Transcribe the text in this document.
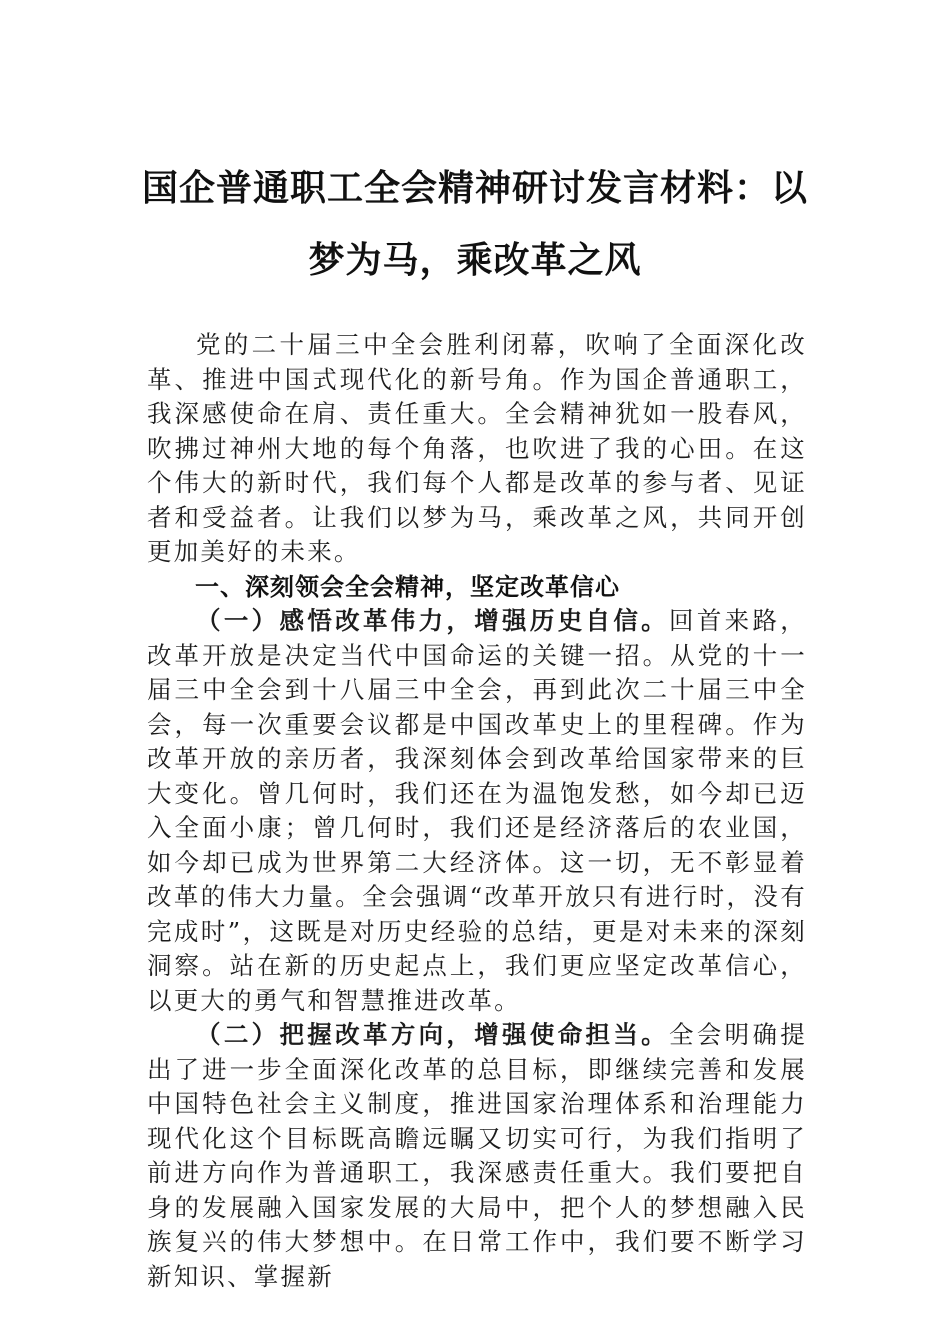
国企普通职工全会精神研讨发言材料：以
梦为马，乘改革之风

党的二十届三中全会胜利闭幕，吹响了全面深化改革、推进中国式现代化的新号角。作为国企普通职工，我深感使命在肩、责任重大。全会精神犹如一股春风，吹拂过神州大地的每个角落，也吹进了我的心田。在这个伟大的新时代，我们每个人都是改革的参与者、见证者和受益者。让我们以梦为马，乘改革之风，共同开创更加美好的未来。

一、深刻领会全会精神，坚定改革信心

（一）感悟改革伟力，增强历史自信。回首来路，改革开放是决定当代中国命运的关键一招。从党的十一届三中全会到十八届三中全会，再到此次二十届三中全会，每一次重要会议都是中国改革史上的里程碑。作为改革开放的亲历者，我深刻体会到改革给国家带来的巨大变化。曾几何时，我们还在为温饱发愁，如今却已迈入全面小康；曾几何时，我们还是经济落后的农业国，如今却已成为世界第二大经济体。这一切，无不彰显着改革的伟大力量。全会强调“改革开放只有进行时，没有完成时”，这既是对历史经验的总结，更是对未来的深刻洞察。站在新的历史起点上，我们更应坚定改革信心，以更大的勇气和智慧推进改革。

（二）把握改革方向，增强使命担当。全会明确提出了进一步全面深化改革的总目标，即继续完善和发展中国特色社会主义制度，推进国家治理体系和治理能力现代化这个目标既高瞻远瞩又切实可行，为我们指明了前进方向作为普通职工，我深感责任重大。我们要把自身的发展融入国家发展的大局中，把个人的梦想融入民族复兴的伟大梦想中。在日常工作中，我们要不断学习新知识、掌握新
